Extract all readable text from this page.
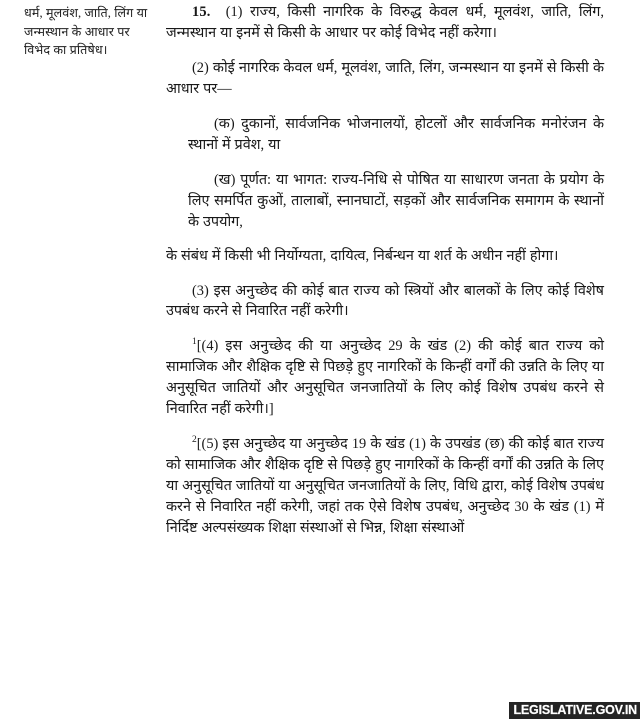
धर्म, मूलवंश, जाति, लिंग या जन्मस्थान के आधार पर विभेद का प्रतिषेध।

15. (1) राज्य, किसी नागरिक के विरुद्ध केवल धर्म, मूलवंश, जाति, लिंग, जन्मस्थान या इनमें से किसी के आधार पर कोई विभेद नहीं करेगा।

(2) कोई नागरिक केवल धर्म, मूलवंश, जाति, लिंग, जन्मस्थान या इनमें से किसी के आधार पर—

(क) दुकानों, सार्वजनिक भोजनालयों, होटलों और सार्वजनिक मनोरंजन के स्थानों में प्रवेश, या

(ख) पूर्णत: या भागत: राज्य-निधि से पोषित या साधारण जनता के प्रयोग के लिए समर्पित कुओं, तालाबों, स्नानघाटों, सड़कों और सार्वजनिक समागम के स्थानों के उपयोग,

के संबंध में किसी भी निर्योग्यता, दायित्व, निर्बन्धन या शर्त के अधीन नहीं होगा।

(3) इस अनुच्छेद की कोई बात राज्य को स्त्रियों और बालकों के लिए कोई विशेष उपबंध करने से निवारित नहीं करेगी।

$^1$[(4) इस अनुच्छेद की या अनुच्छेद 29 के खंड (2) की कोई बात राज्य को सामाजिक और शैक्षिक दृष्टि से पिछड़े हुए नागरिकों के किन्हीं वर्गों की उन्नति के लिए या अनुसूचित जातियों और अनुसूचित जनजातियों के लिए कोई विशेष उपबंध करने से निवारित नहीं करेगी।]

$^2$[(5) इस अनुच्छेद या अनुच्छेद 19 के खंड (1) के उपखंड (छ) की कोई बात राज्य को सामाजिक और शैक्षिक दृष्टि से पिछड़े हुए नागरिकों के किन्हीं वर्गों की उन्नति के लिए या अनुसूचित जातियों या अनुसूचित जनजातियों के लिए, विधि द्वारा, कोई विशेष उपबंध करने से निवारित नहीं करेगी, जहां तक ऐसे विशेष उपबंध, अनुच्छेद 30 के खंड (1) में निर्दिष्ट अल्पसंख्यक शिक्षा संस्थाओं से भिन्न, शिक्षा संस्थाओं

LEGISLATIVE.GOV.IN
